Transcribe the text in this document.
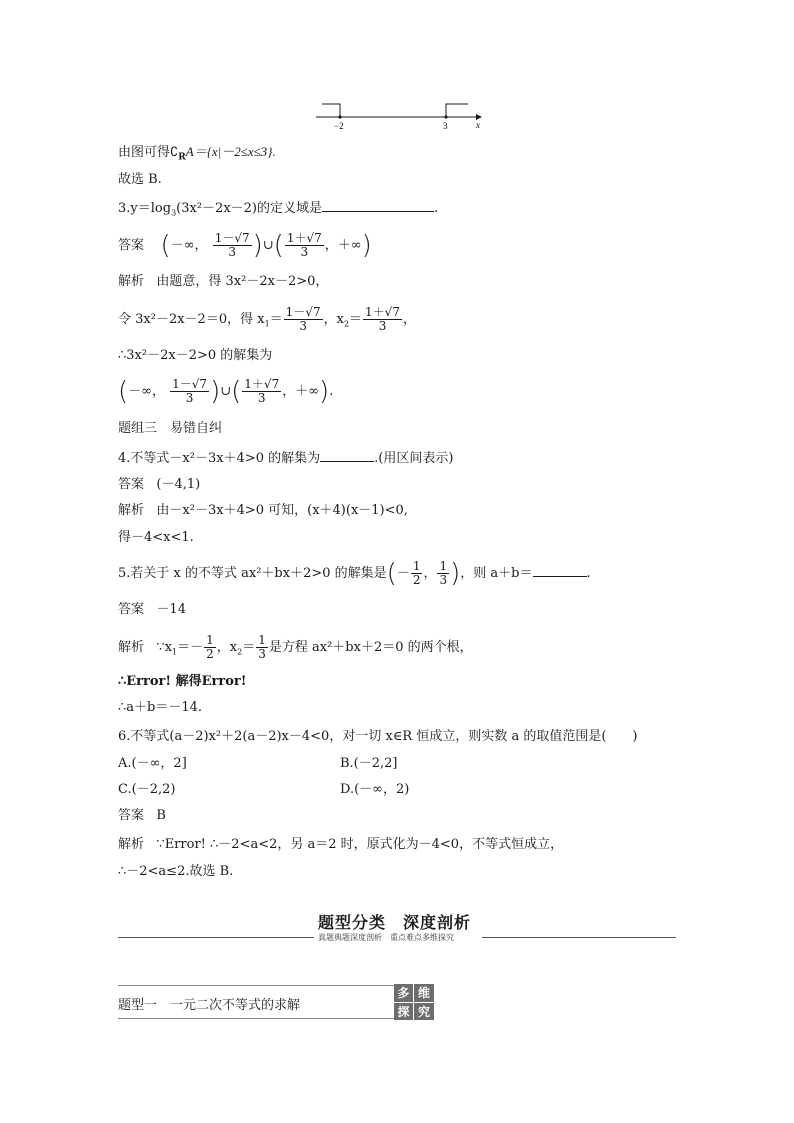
−2	3	x
由图可得$∁_RA=\{x|-2\le x\le 3\}$.
故选 B.
$3.y=\log_3(3x^2-2x-2)$的定义域是	.
答案 (－∞， $\frac{1-√7}{3}$ )∪( $\frac{1+√7}{3}$ ，＋∞)
解析 由题意，得 3x²－2x－2>0，
令 3x²－2x－2＝0，得 $x_1= \frac{1-√7}{3}$ ，$x_2= \frac{1+√7}{3}$ ，
∴3x²－2x－2>0 的解集为
(－∞， $\frac{1-√7}{3}$ )∪( $\frac{1+√7}{3}$ ，＋∞).
题组三　易错自纠
4.不等式－x²－3x＋4>0 的解集为	.(用区间表示)
答案 (－4,1)
解析 由－x²－3x＋4>0 可知，(x＋4)(x－1)<0,
得－4<x<1.
5.若关于 x 的不等式 ax²＋bx＋2>0 的解集是(－ $\frac{1}{2}$ ， $\frac{1}{3}$ )，则 a＋b＝	.
答案 －14
解析 $\because x_1=- \frac{1}{2}$ ，$x_2= \frac{1}{3}$ 是方程 ax²＋bx＋2＝0 的两个根，
∴Error! 解得Error!
∴a＋b＝－14.
6.不等式(a－2)x²＋2(a－2)x－4<0，对一切 x∈R 恒成立，则实数 a 的取值范围是(　　)
A.(－∞，2]	B.(－2,2]
C.(－2,2)	D.(－∞，2)
答案 B
解析 ∵Error! ∴－2<a<2，另 a＝2 时，原式化为－4<0，不等式恒成立，
∴－2<a≤2.故选 B.
题型分类　深度剖析
真题典题深度剖析　重点难点多维探究
题型一　一元二次不等式的求解
多 维
探 究
